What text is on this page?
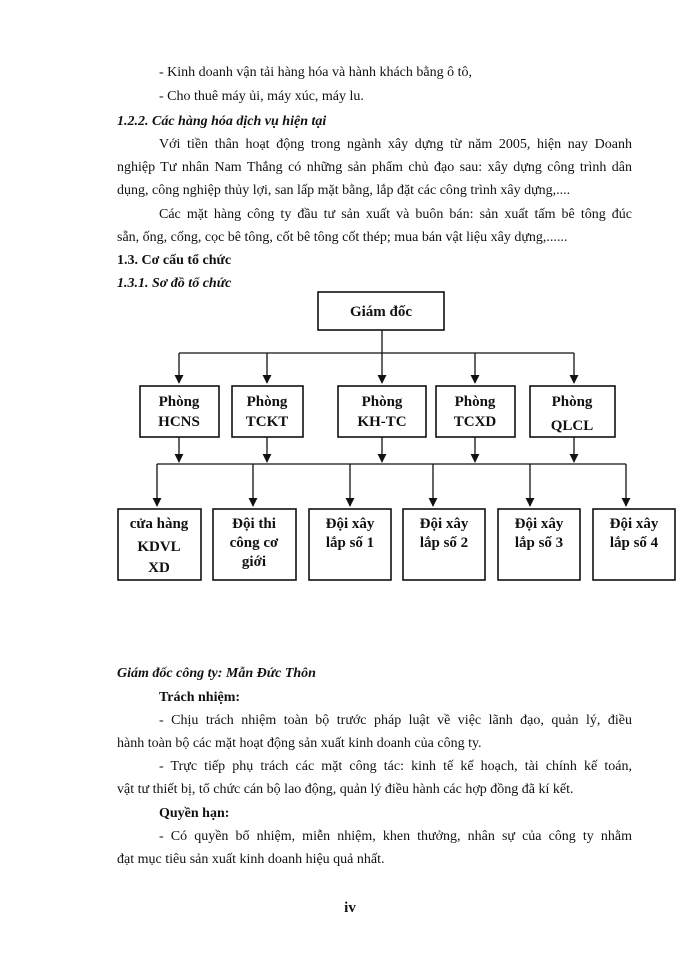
- Kinh doanh vận tải hàng hóa và hành khách bằng ô tô,
- Cho thuê máy ủi, máy xúc, máy lu.
1.2.2. Các hàng hóa dịch vụ hiện tại
Với tiền thân hoạt động trong ngành xây dựng từ năm 2005, hiện nay Doanh
nghiệp Tư nhân Nam Thắng có những sản phẩm chủ đạo sau: xây dựng công trình dân
dụng, công nghiệp thủy lợi, san lấp mặt bằng, lắp đặt các công trình xây dựng,....
Các mặt hàng công ty đầu tư sản xuất và buôn bán: sản xuất tấm bê tông đúc
sẵn, ống, cống, cọc bê tông, cốt bê tông cốt thép; mua bán vật liệu xây dựng,......
1.3. Cơ cấu tổ chức
1.3.1. Sơ đồ tổ chức
Giám đốc
Phòng
HCNS
Phòng
TCKT
Phòng
KH-TC
Phòng
TCXD
Phòng
QLCL
cửa hàng
KDVL
XD
Đội thi
công cơ
giới
Đội xây
lắp số 1
Đội xây
lắp số 2
Đội xây
lắp số 3
Đội xây
lắp số 4
Giám đốc công ty: Mẫn Đức Thôn
Trách nhiệm:
- Chịu trách nhiệm toàn bộ trước pháp luật về việc lãnh đạo, quản lý, điều
hành toàn bộ các mặt hoạt động sản xuất kinh doanh của công ty.
- Trực tiếp phụ trách các mặt công tác: kinh tế kế hoạch, tài chính kế toán,
vật tư thiết bị, tổ chức cán bộ lao động, quản lý điều hành các hợp đồng đã kí kết.
Quyền hạn:
- Có quyền bổ nhiệm, miễn nhiệm, khen thưởng, nhân sự của công ty nhằm
đạt mục tiêu sản xuất kinh doanh hiệu quả nhất.
iv
